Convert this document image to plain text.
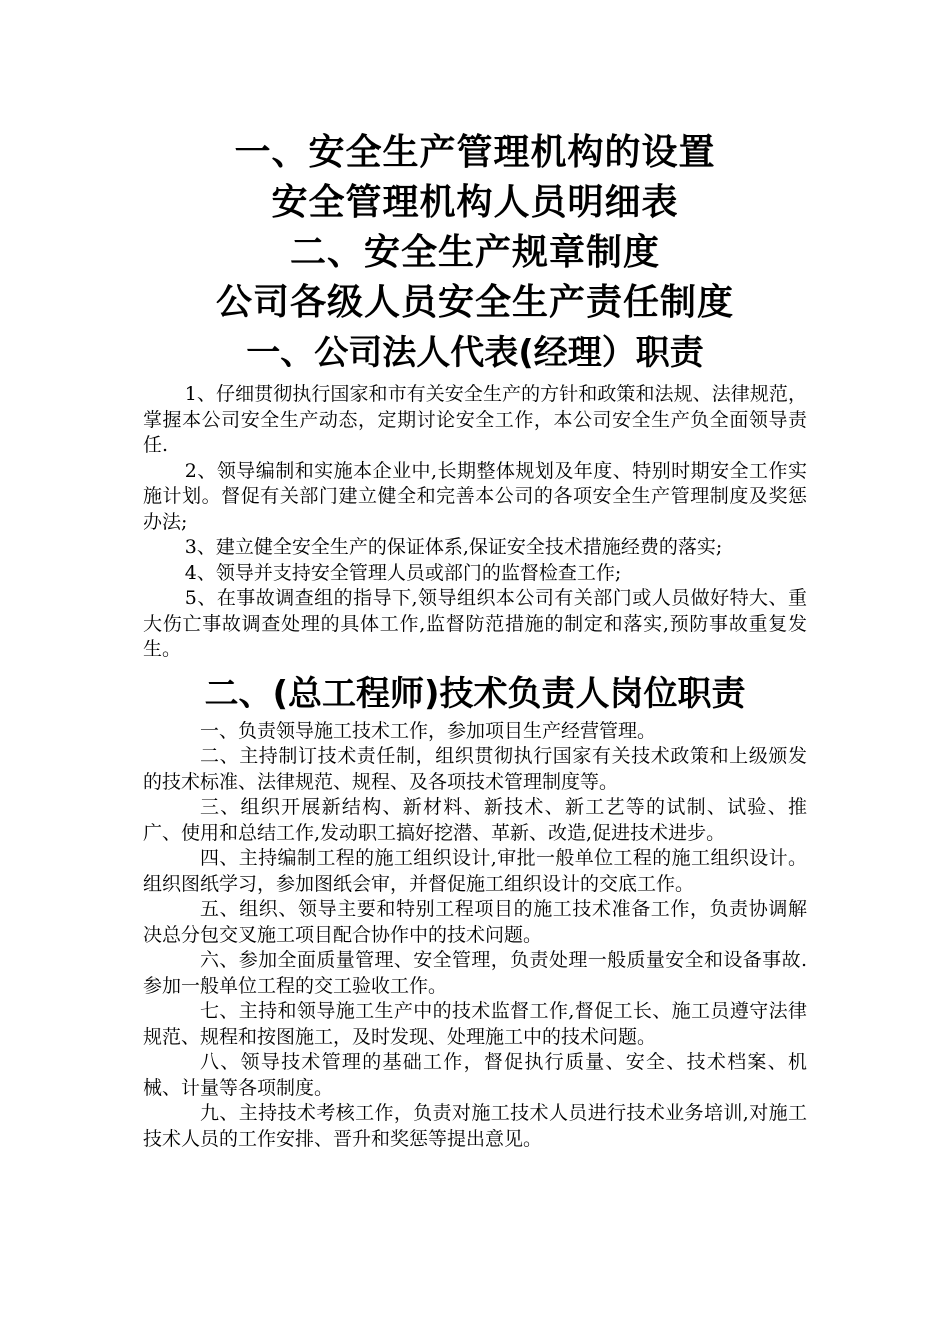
一、安全生产管理机构的设置
安全管理机构人员明细表
二、安全生产规章制度
公司各级人员安全生产责任制度
一、公司法人代表(经理）职责

1、仔细贯彻执行国家和市有关安全生产的方针和政策和法规、法律规范，掌握本公司安全生产动态，定期讨论安全工作，本公司安全生产负全面领导责任.

2、领导编制和实施本企业中,长期整体规划及年度、特别时期安全工作实施计划。督促有关部门建立健全和完善本公司的各项安全生产管理制度及奖惩办法;

3、建立健全安全生产的保证体系,保证安全技术措施经费的落实;

4、领导并支持安全管理人员或部门的监督检查工作;

5、在事故调查组的指导下,领导组织本公司有关部门或人员做好特大、重大伤亡事故调查处理的具体工作,监督防范措施的制定和落实,预防事故重复发生。

二、(总工程师)技术负责人岗位职责

一、负责领导施工技术工作，参加项目生产经营管理。

二、主持制订技术责任制，组织贯彻执行国家有关技术政策和上级颁发的技术标准、法律规范、规程、及各项技术管理制度等。

三、组织开展新结构、新材料、新技术、新工艺等的试制、试验、推广、使用和总结工作,发动职工搞好挖潜、革新、改造,促进技术进步。

四、主持编制工程的施工组织设计,审批一般单位工程的施工组织设计。组织图纸学习，参加图纸会审，并督促施工组织设计的交底工作。

五、组织、领导主要和特别工程项目的施工技术准备工作，负责协调解决总分包交叉施工项目配合协作中的技术问题。

六、参加全面质量管理、安全管理，负责处理一般质量安全和设备事故.参加一般单位工程的交工验收工作。

七、主持和领导施工生产中的技术监督工作,督促工长、施工员遵守法律规范、规程和按图施工，及时发现、处理施工中的技术问题。

八、领导技术管理的基础工作，督促执行质量、安全、技术档案、机械、计量等各项制度。

九、主持技术考核工作，负责对施工技术人员进行技术业务培训,对施工技术人员的工作安排、晋升和奖惩等提出意见。
